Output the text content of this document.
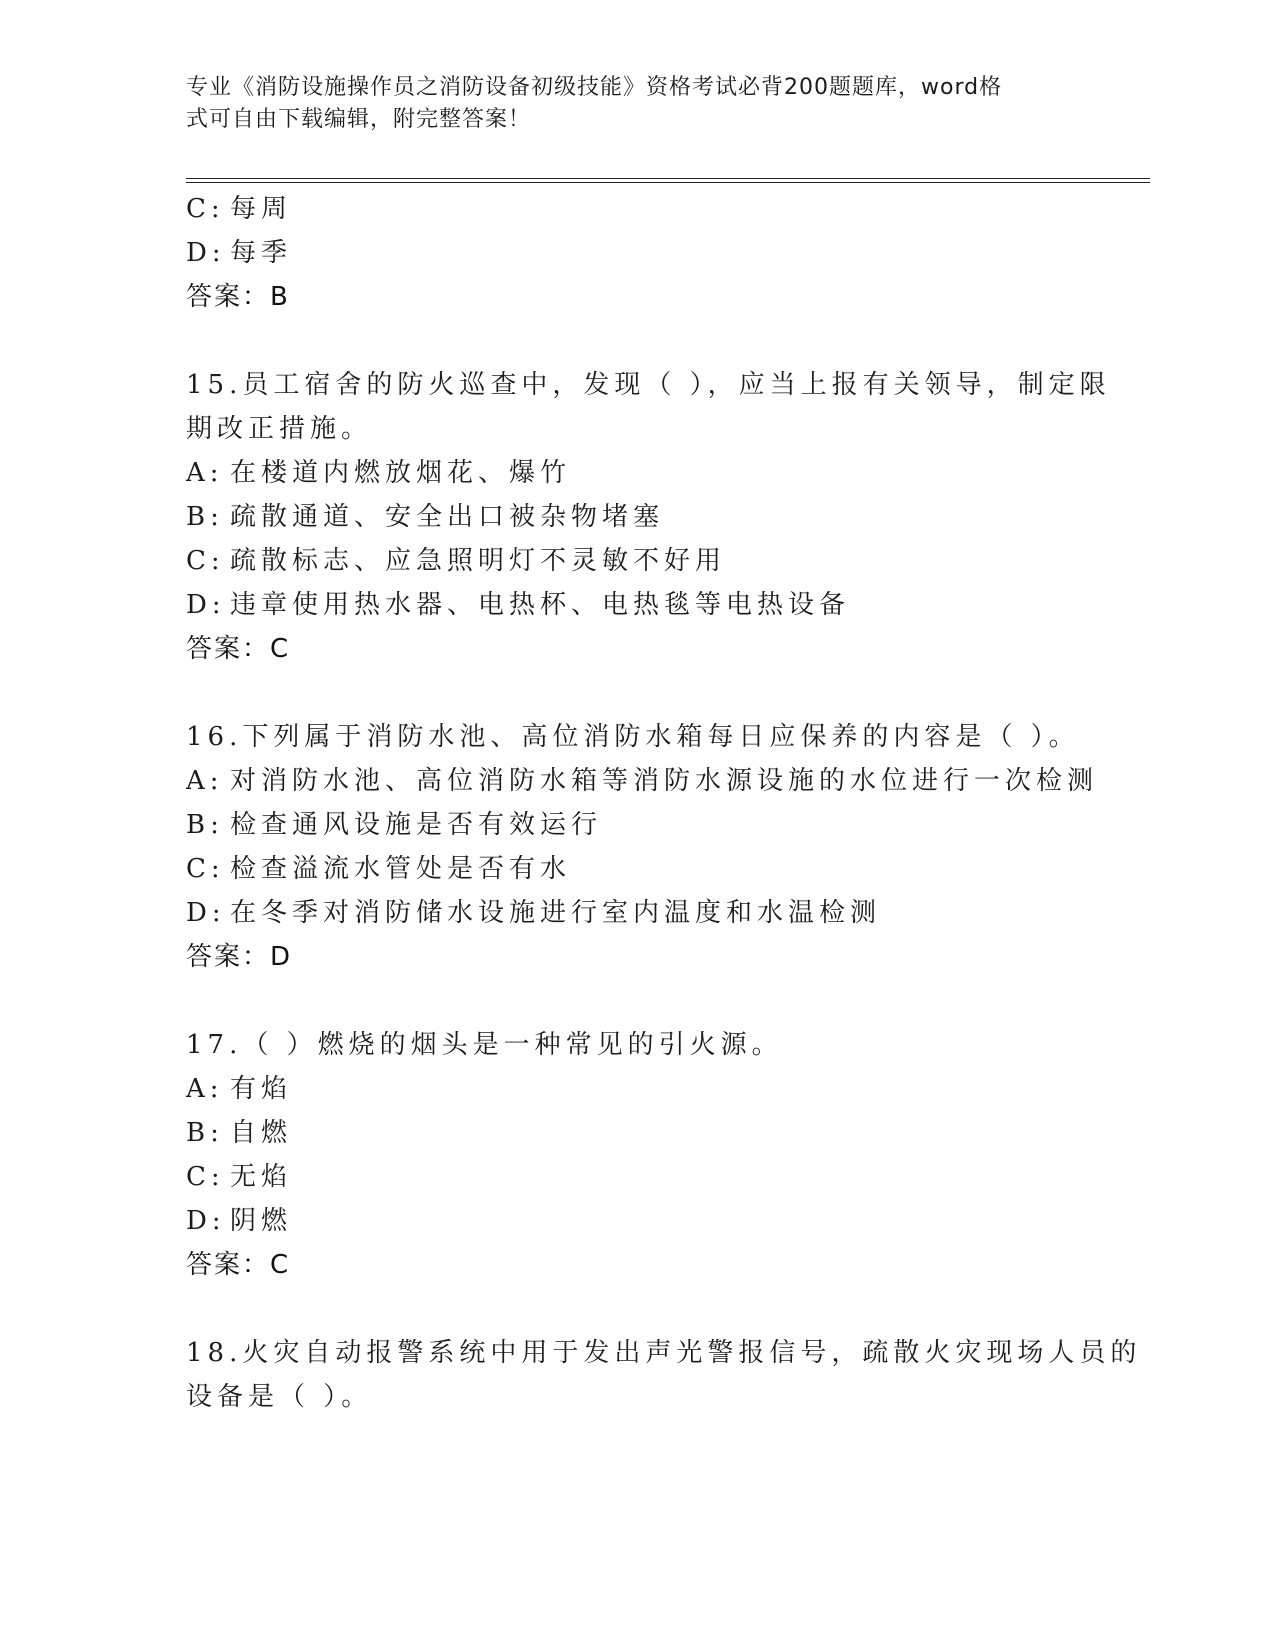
专业《消防设施操作员之消防设备初级技能》资格考试必背200题题库，word格
式可自由下载编辑，附完整答案！
C: 每周
D: 每季
答案：B
15.员工宿舍的防火巡查中，发现（ ），应当上报有关领导，制定限
期改正措施。
A: 在楼道内燃放烟花、爆竹
B: 疏散通道、安全出口被杂物堵塞
C: 疏散标志、应急照明灯不灵敏不好用
D: 违章使用热水器、电热杯、电热毯等电热设备
答案：C
16.下列属于消防水池、高位消防水箱每日应保养的内容是（ ）。
A: 对消防水池、高位消防水箱等消防水源设施的水位进行一次检测
B: 检查通风设施是否有效运行
C: 检查溢流水管处是否有水
D: 在冬季对消防储水设施进行室内温度和水温检测
答案：D
17.（ ）燃烧的烟头是一种常见的引火源。
A: 有焰
B: 自燃
C: 无焰
D: 阴燃
答案：C
18.火灾自动报警系统中用于发出声光警报信号，疏散火灾现场人员的
设备是（ ）。
